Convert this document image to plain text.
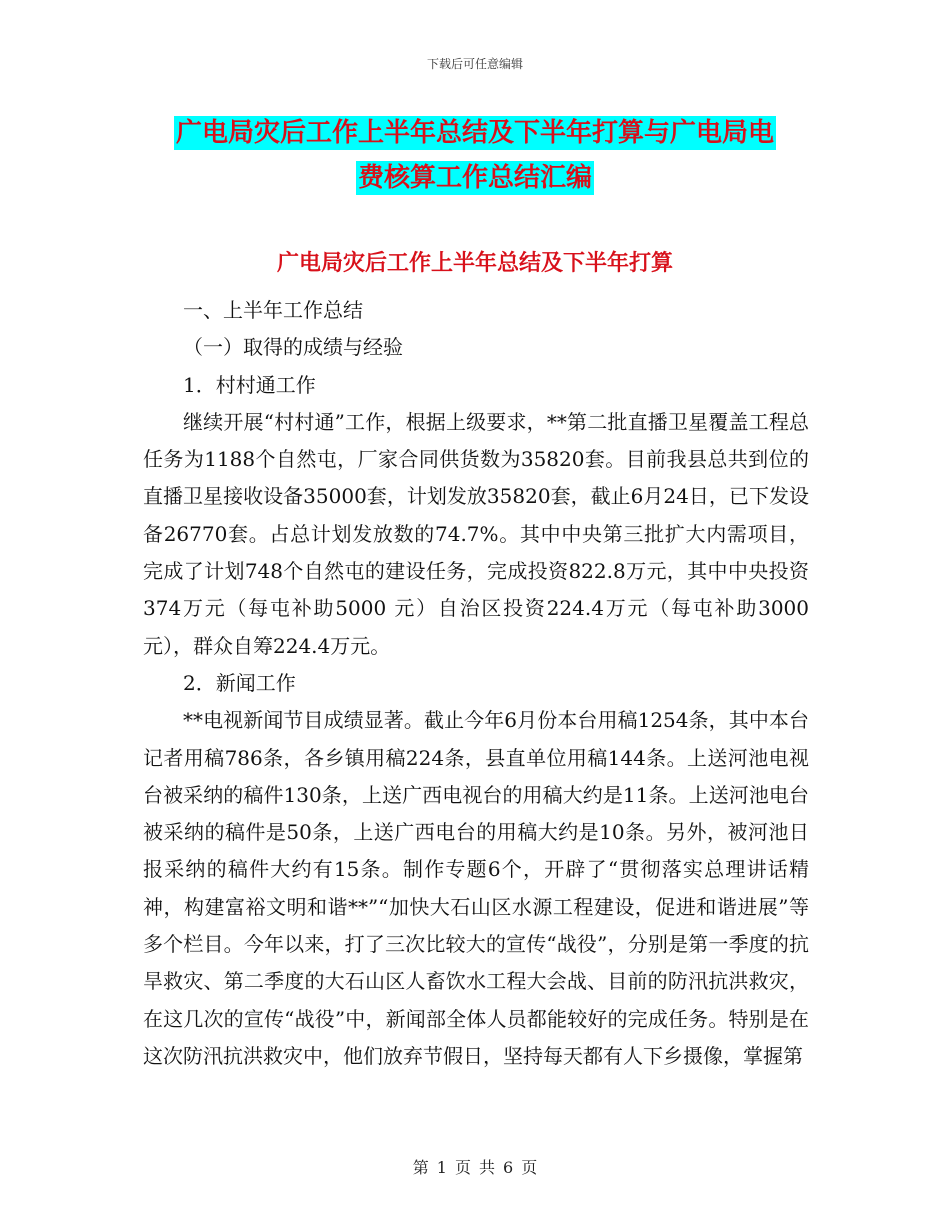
下载后可任意编辑
广电局灾后工作上半年总结及下半年打算与广电局电
费核算工作总结汇编
广电局灾后工作上半年总结及下半年打算

一、上半年工作总结

（一）取得的成绩与经验

1．村村通工作

继续开展“村村通”工作，根据上级要求，**第二批直播卫星覆盖工程总任务为1188个自然屯，厂家合同供货数为35820套。目前我县总共到位的直播卫星接收设备35000套，计划发放35820套，截止6月24日，已下发设备26770套。占总计划发放数的74.7%。其中中央第三批扩大内需项目，完成了计划748个自然屯的建设任务，完成投资822.8万元，其中中央投资374万元（每屯补助5000 元）自治区投资224.4万元（每屯补助3000元），群众自筹224.4万元。

2．新闻工作

**电视新闻节目成绩显著。截止今年6月份本台用稿1254条，其中本台记者用稿786条，各乡镇用稿224条，县直单位用稿144条。上送河池电视台被采纳的稿件130条，上送广西电视台的用稿大约是11条。上送河池电台被采纳的稿件是50条，上送广西电台的用稿大约是10条。另外，被河池日报采纳的稿件大约有15条。制作专题6个，开辟了“贯彻落实总理讲话精神，构建富裕文明和谐**”“加快大石山区水源工程建设，促进和谐进展”等多个栏目。今年以来，打了三次比较大的宣传“战役”，分别是第一季度的抗旱救灾、第二季度的大石山区人畜饮水工程大会战、目前的防汛抗洪救灾，在这几次的宣传“战役”中，新闻部全体人员都能较好的完成任务。特别是在这次防汛抗洪救灾中，他们放弃节假日，坚持每天都有人下乡摄像，掌握第

第 1 页 共 6 页
